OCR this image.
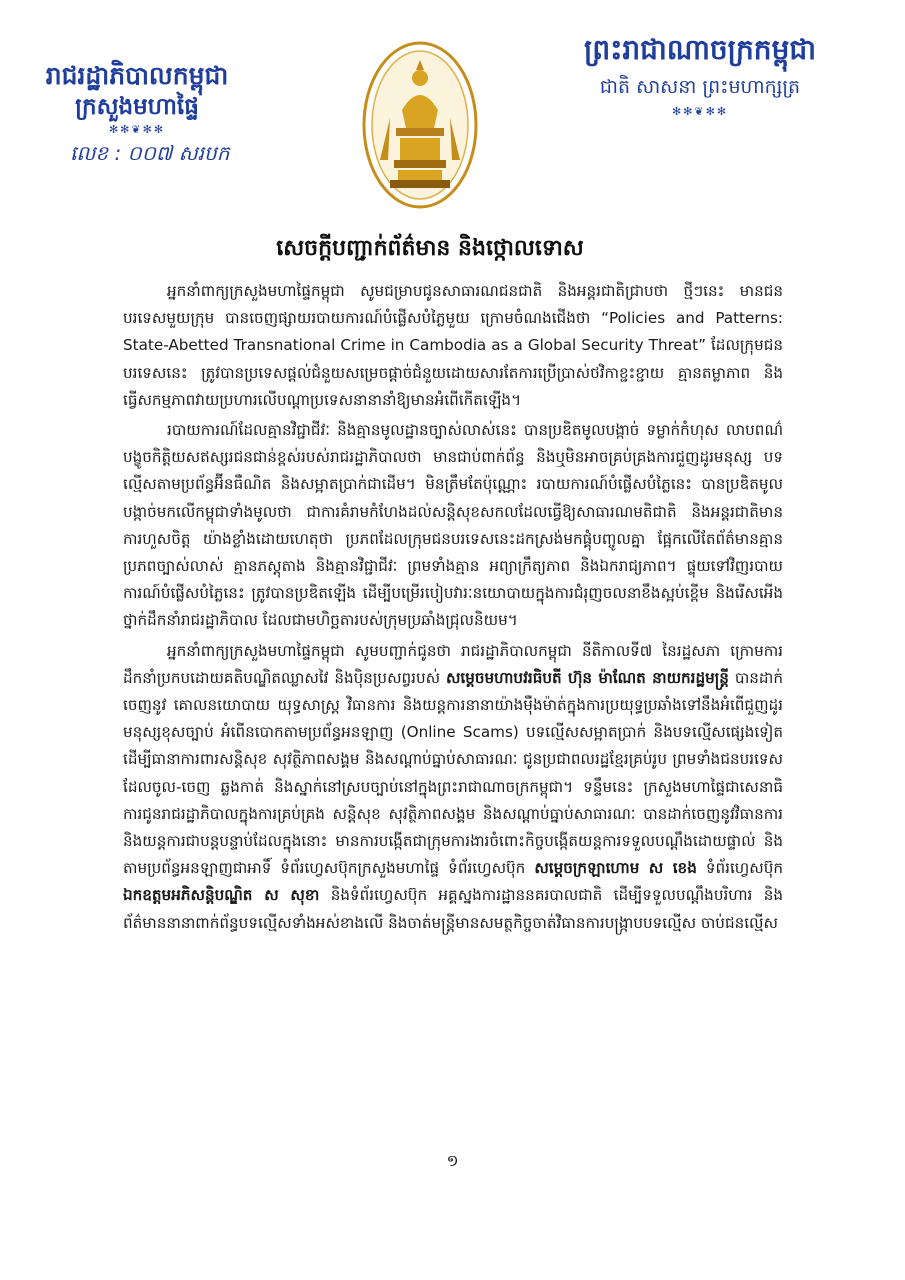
រាជរដ្ឋាភិបាលកម្ពុជា
ក្រសួងមហាផ្ទៃ
✻✻❦✻✻
លេខ : ០០៧ សរបក
ព្រះរាជាណាចក្រកម្ពុជា
ជាតិ សាសនា ព្រះមហាក្សត្រ
✻✻❦✻✻
សេចក្ដីបញ្ជាក់ព័ត៌មាន និងថ្កោលទោស

អ្នកនាំពាក្យក្រសួងមហាផ្ទៃកម្ពុជា សូមជម្រាបជូនសាធារណជនជាតិ និងអន្តរជាតិជ្រាបថា ថ្មីៗនេះ មានជនបរទេសមួយក្រុម បានចេញផ្សាយរបាយការណ៍បំផ្លើសបំភ្លៃមួយ ក្រោមចំណងជើងថា “Policies and Patterns: State-Abetted Transnational Crime in Cambodia as a Global Security Threat” ដែលក្រុមជនបរទេសនេះ ត្រូវបានប្រទេសផ្ដល់ជំនួយសម្រេចផ្ដាច់ជំនួយដោយសារតែការប្រើប្រាស់ថវិកាខ្ជះខ្ជាយ គ្មានតម្លាភាព និងធ្វើសកម្មភាពវាយប្រហារលើបណ្ដាប្រទេសនានានាំឱ្យមានអំពើកើតឡើង។

របាយការណ៍ដែលគ្មានវិជ្ជាជីវៈ និងគ្មានមូលដ្ឋានច្បាស់លាស់នេះ បានប្រឌិតមូលបង្កាច់ ទម្លាក់កំហុស លាបពណ៌ បង្ខូចកិត្តិយសឥស្សរជនជាន់ខ្ពស់របស់រាជរដ្ឋាភិបាលថា មានជាប់ពាក់ព័ន្ធ និងឬមិនអាចគ្រប់គ្រងការជួញដូរមនុស្ស បទល្មើសតាមប្រព័ន្ធអ៊ីនធឺណិត និងសម្អាតប្រាក់ជាដើម។ មិនត្រឹមតែប៉ុណ្ណោះ របាយការណ៍បំផ្លើសបំភ្លៃនេះ បានប្រឌិតមូលបង្កាច់មកលើកម្ពុជាទាំងមូលថា ជាការគំរាមកំហែងដល់សន្តិសុខសកលដែលធ្វើឱ្យសាធារណមតិជាតិ និងអន្តរជាតិមានការហួសចិត្ត យ៉ាងខ្លាំងដោយហេតុថា ប្រភពដែលក្រុមជនបរទេសនេះដកស្រង់មកផ្គុំបញ្ចូលគ្នា ផ្អែកលើតែព័ត៌មានគ្មានប្រភពច្បាស់លាស់ គ្មានភស្តុតាង និងគ្មានវិជ្ជាជីវៈ ព្រមទាំងគ្មាន អព្យាក្រឹត្យភាព និងឯករាជ្យភាព។ ផ្ទុយទៅវិញរបាយការណ៍បំផ្លើសបំភ្លៃនេះ ត្រូវបានប្រឌិតឡើង ដើម្បីបម្រើរបៀបវារៈនយោបាយក្នុងការជំរុញចលនាខឹងស្អប់ខ្ពើម និងរើសអើងថ្នាក់ដឹកនាំរាជរដ្ឋាភិបាល ដែលជាមហិច្ឆតារបស់ក្រុមប្រឆាំងជ្រុលនិយម។

អ្នកនាំពាក្យក្រសួងមហាផ្ទៃកម្ពុជា សូមបញ្ជាក់ជូនថា រាជរដ្ឋាភិបាលកម្ពុជា នីតិកាលទី៧ នៃរដ្ឋសភា ក្រោមការដឹកនាំប្រកបដោយគតិបណ្ឌិតឈ្លាសវៃ និងប៉ិនប្រសព្វរបស់ សម្ដេចមហាបវរធិបតី ហ៊ុន ម៉ាណែត នាយករដ្ឋមន្ត្រី បានដាក់ចេញនូវ គោលនយោបាយ យុទ្ធសាស្ត្រ វិធានការ និងយន្តការនានាយ៉ាងម៉ឺងម៉ាត់ក្នុងការប្រយុទ្ធប្រឆាំងទៅនឹងអំពើជួញដូរមនុស្សខុសច្បាប់ អំពើនបោកតាមប្រព័ន្ធអនឡាញ (Online Scams) បទល្មើសសម្អាតប្រាក់ និងបទល្មើសផ្សេងទៀត ដើម្បីធានាការពារសន្តិសុខ សុវត្ថិភាពសង្គម និងសណ្ដាប់ធ្នាប់សាធារណៈ ជូនប្រជាពលរដ្ឋខ្មែរគ្រប់រូប ព្រមទាំងជនបរទេស ដែលចូល-ចេញ ឆ្លងកាត់ និងស្នាក់នៅស្របច្បាប់នៅក្នុងព្រះរាជាណាចក្រកម្ពុជា។ ទន្ទឹមនេះ ក្រសួងមហាផ្ទៃជាសេនាធិការជូនរាជរដ្ឋាភិបាលក្នុងការគ្រប់គ្រង សន្តិសុខ សុវត្ថិភាពសង្គម និងសណ្ដាប់ធ្នាប់សាធារណៈ បានដាក់ចេញនូវវិធានការ និងយន្តការជាបន្តបន្ទាប់ដែលក្នុងនោះ មានការបង្កើតជាក្រុមការងារចំពោះកិច្ចបង្កើតយន្តការទទួលបណ្ដឹងដោយផ្ទាល់ និងតាមប្រព័ន្ធអនឡាញជាអាទិ៍ ទំព័រហ្វេសប៊ុកក្រសួងមហាផ្ទៃ ទំព័រហ្វេសប៊ុក សម្ដេចក្រឡាហោម ស ខេង ទំព័រហ្វេសប៊ុក ឯកឧត្ដមអភិសន្តិបណ្ឌិត ស សុខា និងទំព័រហ្វេសប៊ុក អគ្គស្នងការដ្ឋាននគរបាលជាតិ ដើម្បីទទួលបណ្ដឹងបរិហារ និងព័ត៌មាននានាពាក់ព័ន្ធបទល្មើសទាំងអស់ខាងលើ និងចាត់មន្ត្រីមានសមត្ថកិច្ចចាត់វិធានការបង្ក្រាបបទល្មើស ចាប់ជនល្មើស

១
